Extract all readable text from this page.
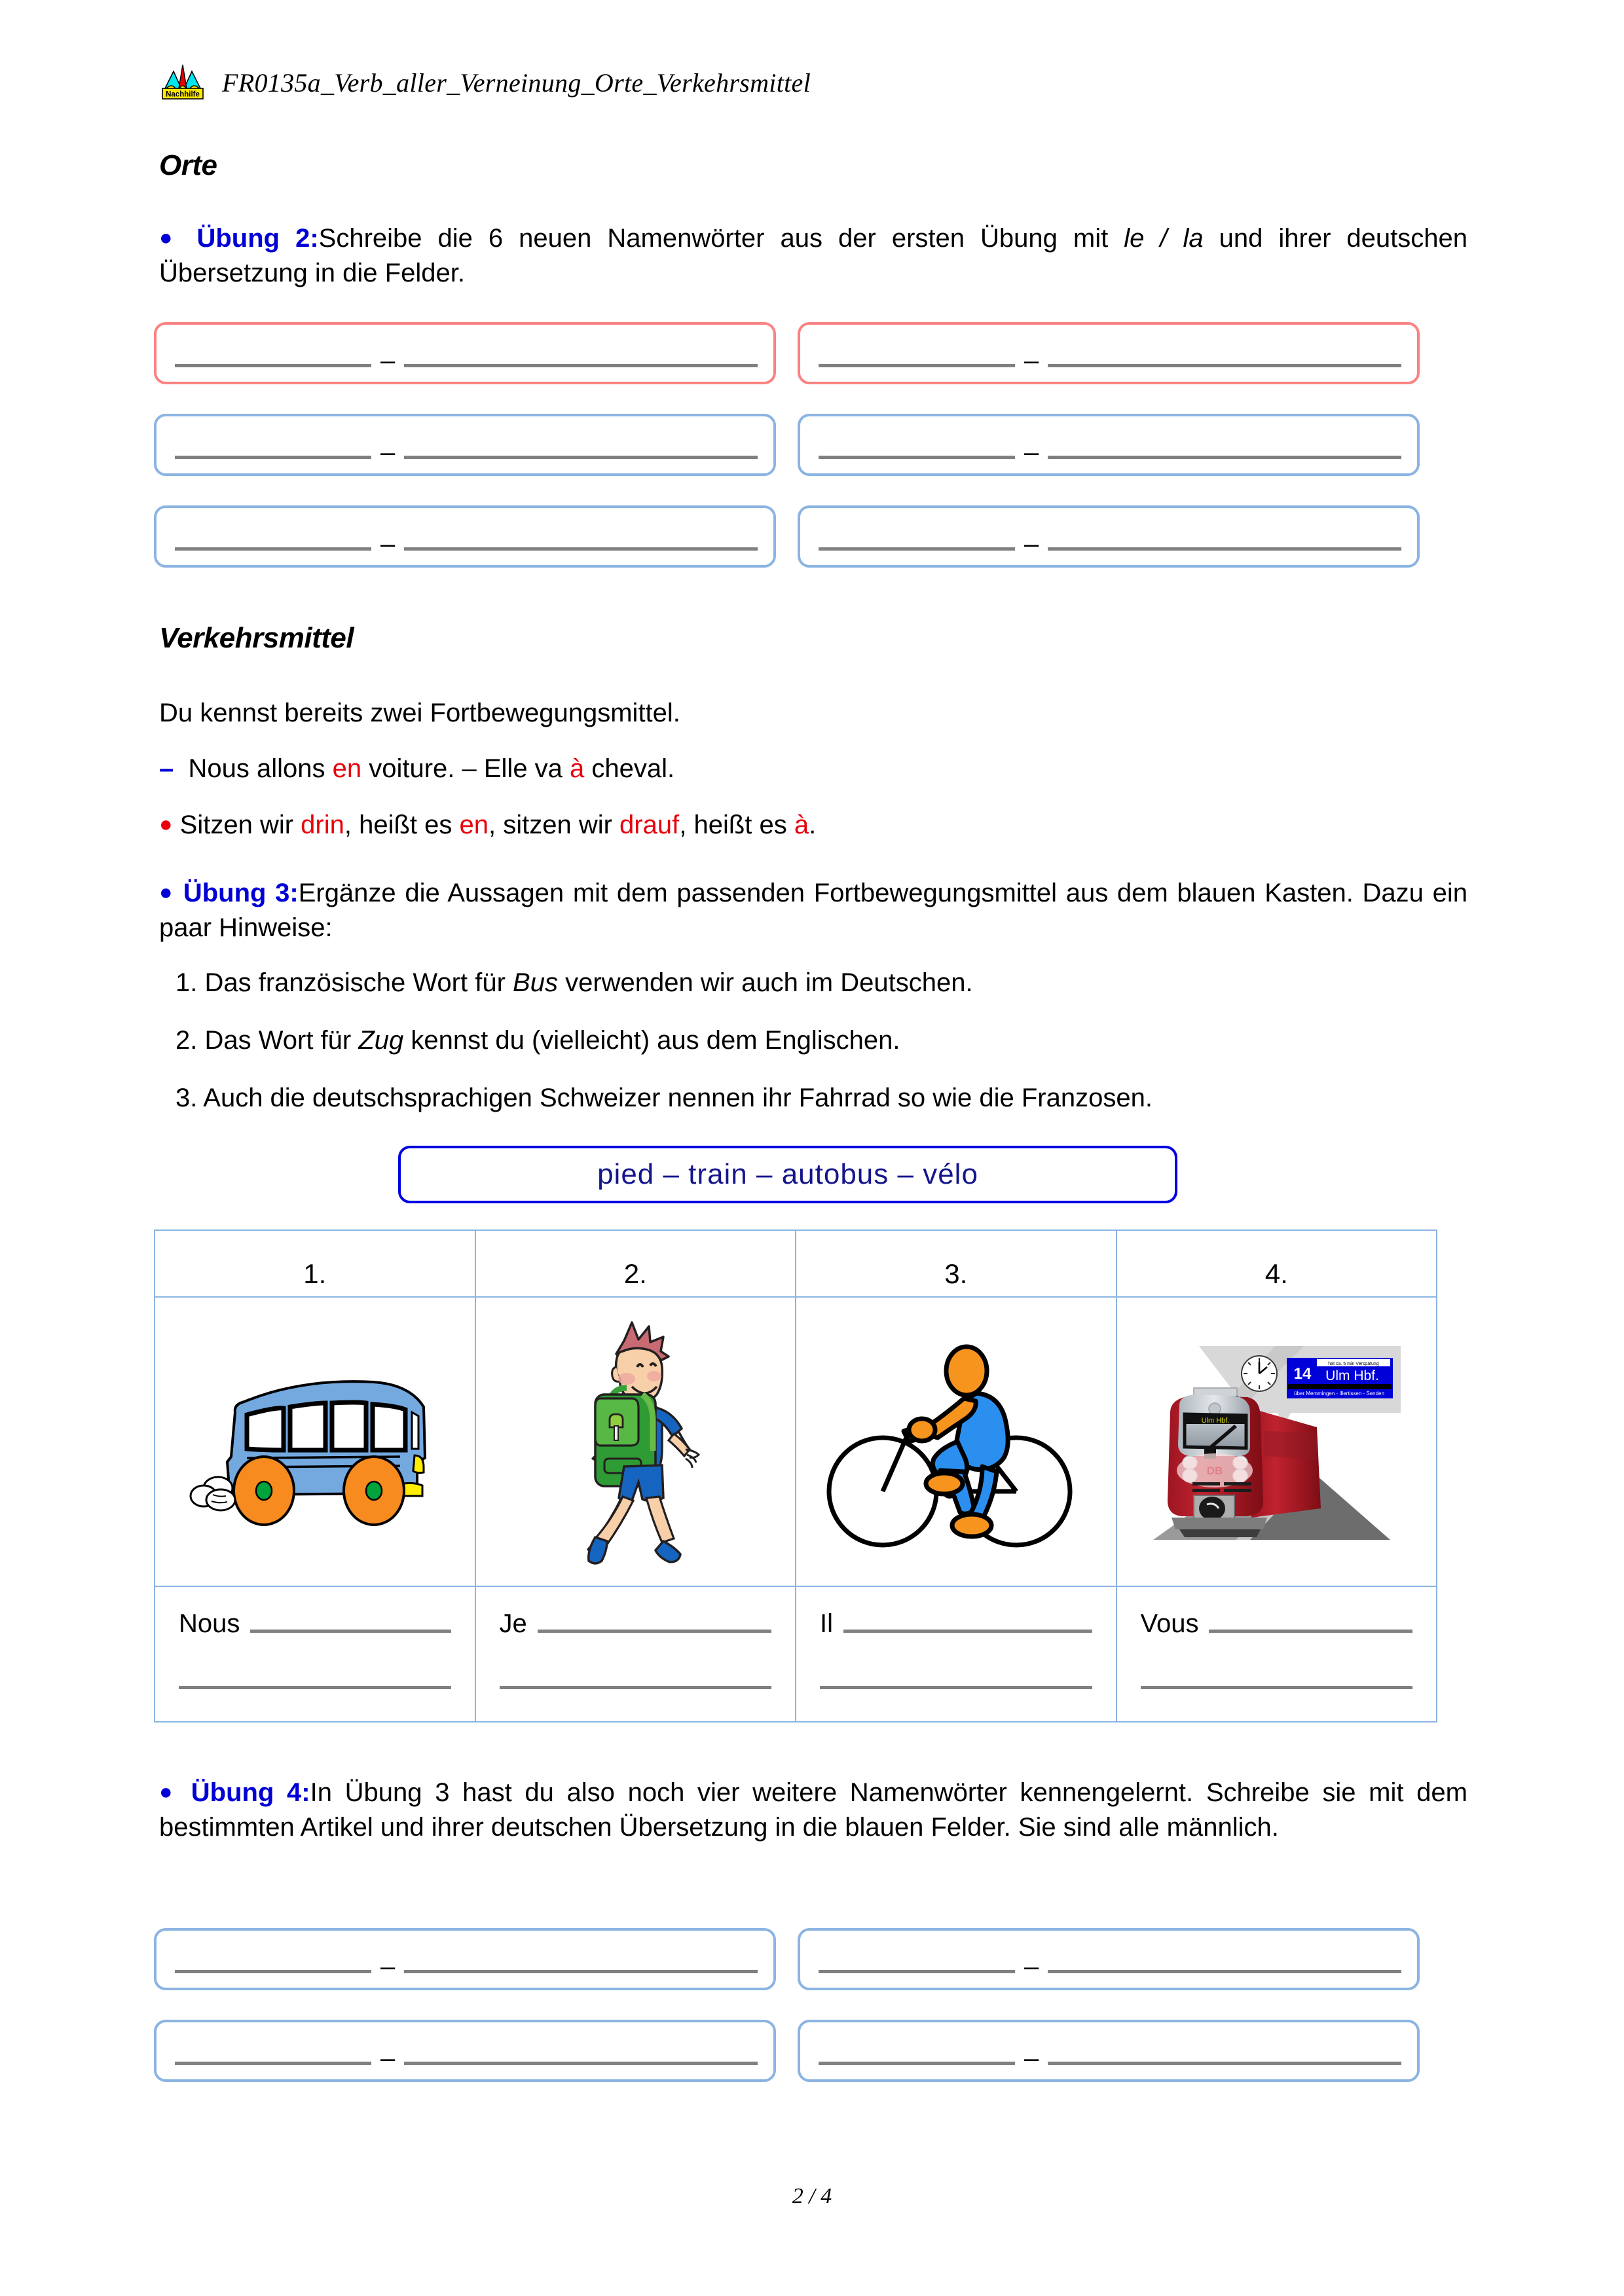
Nachhilfe FR0135a_Verb_aller_Verneinung_Orte_Verkehrsmittel
Orte
● Übung 2:Schreibe die 6 neuen Namenwörter aus der ersten Übung mit le / la und ihrer deutschen Übersetzung in die Felder.
–	–
–	–
–	–
Verkehrsmittel
Du kennst bereits zwei Fortbewegungsmittel.
– Nous allons en voiture. – Elle va à cheval.
● Sitzen wir drin, heißt es en, sitzen wir drauf, heißt es à.
● Übung 3:Ergänze die Aussagen mit dem passenden Fortbewegungsmittel aus dem blauen Kasten. Dazu ein paar Hinweise:
1. Das französische Wort für Bus verwenden wir auch im Deutschen.
2. Das Wort für Zug kennst du (vielleicht) aus dem Englischen.
3. Auch die deutschsprachigen Schweizer nennen ihr Fahrrad so wie die Franzosen.
pied – train – autobus – vélo
1.	2.	3.	4.
hat ca. 5 min Verspätung
14 Ulm Hbf.
über Memmingen - Illertissen - Senden
Ulm Hbf.
DB
Nous	Je	Il	Vous
● Übung 4:In Übung 3 hast du also noch vier weitere Namenwörter kennengelernt. Schreibe sie mit dem bestimmten Artikel und ihrer deutschen Übersetzung in die blauen Felder. Sie sind alle männlich.
–	–
–	–
2 / 4
